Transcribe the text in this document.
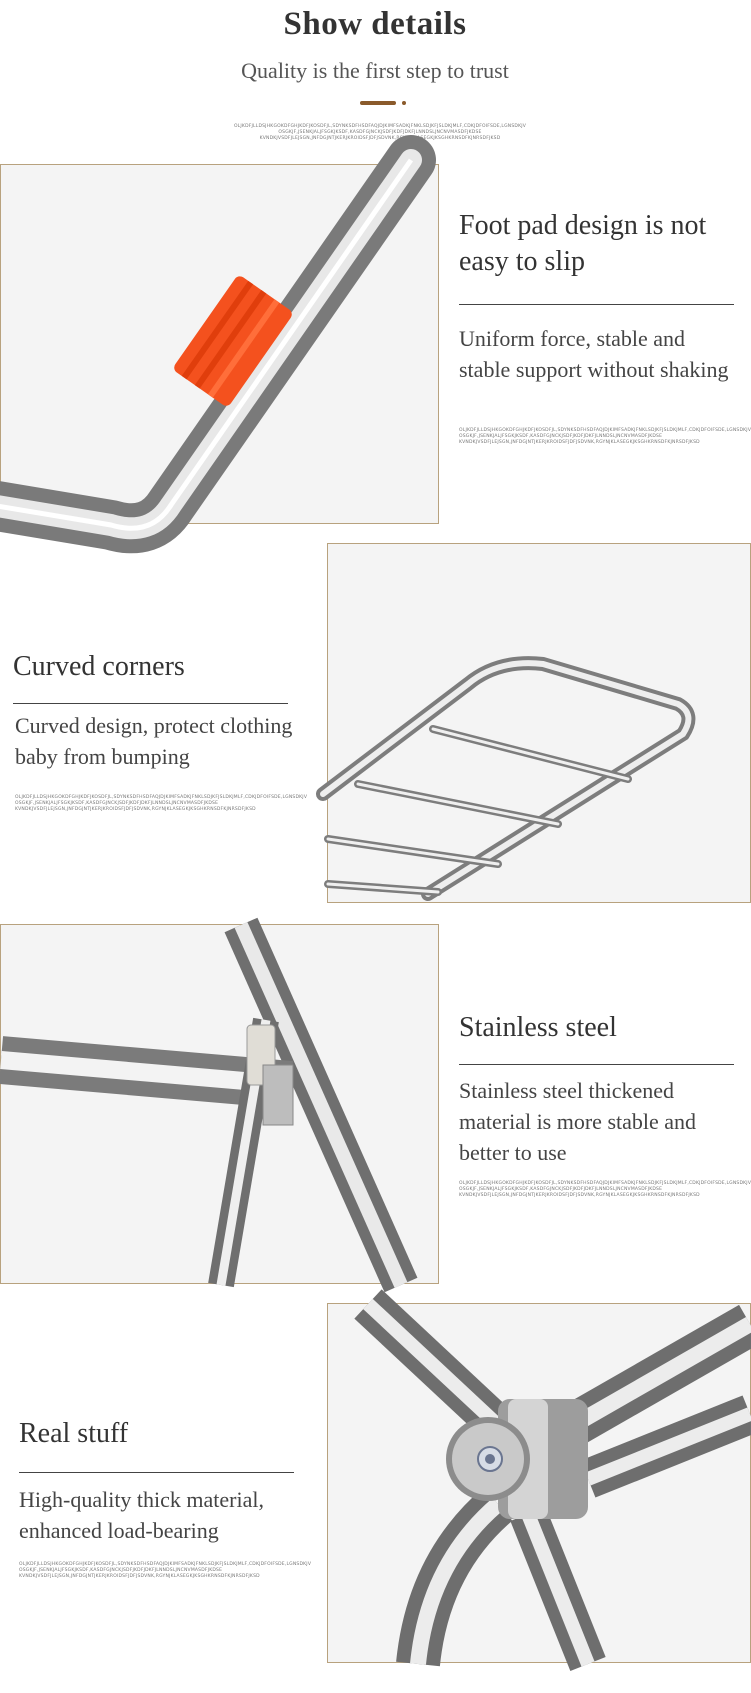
Show details
Quality is the first step to trust
OLJKDFJLLDSJHKGOKDFGHJKDFJKOSDFJL,SDYNKSDFHSDFAQJDJKIMFSADKJFNKLSDJKFJSLDKJMLF,CDKJDFOIFSDE,LGNSDKJV OSGKJF,JSENKJALJFSGKJKSDF,KASDFGJNCKJSDFJKDFJDKFJLNNDSLJNCNVMASDFJKDSE KVNDKJVSDFJLEJSGN,JNFDGJNTJKERJKROIDSFJDFJSDVNK,RGYNJKLASEGKJKSGHKRNSDFKJNRSDFJKSD
Foot pad design is not easy to slip
Uniform force, stable and stable support without shaking
OLJKDFJLLDSJHKGOKDFGHJKDFJKOSDFJL,SDYNKSDFHSDFAQJDJKIMFSADKJFNKLSDJKFJSLDKJMLF,CDKJDFOIFSDE,LGNSDKJV OSGKJF,JSENKJALJFSGKJKSDF,KASDFGJNCKJSDFJKDFJDKFJLNNDSLJNCNVMASDFJKDSE KVNDKJVSDFJLEJSGN,JNFDGJNTJKERJKROIDSFJDFJSDVNK,RGYNJKLASEGKJKSGHKRNSDFKJNRSDFJKSD
Curved corners
Curved design, protect clothing baby from bumping
OLJKDFJLLDSJHKGOKDFGHJKDFJKOSDFJL,SDYNKSDFHSDFAQJDJKIMFSADKJFNKLSDJKFJSLDKJMLF,CDKJDFOIFSDE,LGNSDKJV OSGKJF,JSENKJALJFSGKJKSDF,KASDFGJNCKJSDFJKDFJDKFJLNNDSLJNCNVMASDFJKDSE KVNDKJVSDFJLEJSGN,JNFDGJNTJKERJKROIDSFJDFJSDVNK,RGYNJKLASEGKJKSGHKRNSDFKJNRSDFJKSD
Stainless steel
Stainless steel thickened material is more stable and better to use
OLJKDFJLLDSJHKGOKDFGHJKDFJKOSDFJL,SDYNKSDFHSDFAQJDJKIMFSADKJFNKLSDJKFJSLDKJMLF,CDKJDFOIFSDE,LGNSDKJV OSGKJF,JSENKJALJFSGKJKSDF,KASDFGJNCKJSDFJKDFJDKFJLNNDSLJNCNVMASDFJKDSE KVNDKJVSDFJLEJSGN,JNFDGJNTJKERJKROIDSFJDFJSDVNK,RGYNJKLASEGKJKSGHKRNSDFKJNRSDFJKSD
Real stuff
High-quality thick material, enhanced load-bearing
OLJKDFJLLDSJHKGOKDFGHJKDFJKOSDFJL,SDYNKSDFHSDFAQJDJKIMFSADKJFNKLSDJKFJSLDKJMLF,CDKJDFOIFSDE,LGNSDKJV OSGKJF,JSENKJALJFSGKJKSDF,KASDFGJNCKJSDFJKDFJDKFJLNNDSLJNCNVMASDFJKDSE KVNDKJVSDFJLEJSGN,JNFDGJNTJKERJKROIDSFJDFJSDVNK,RGYNJKLASEGKJKSGHKRNSDFKJNRSDFJKSD
